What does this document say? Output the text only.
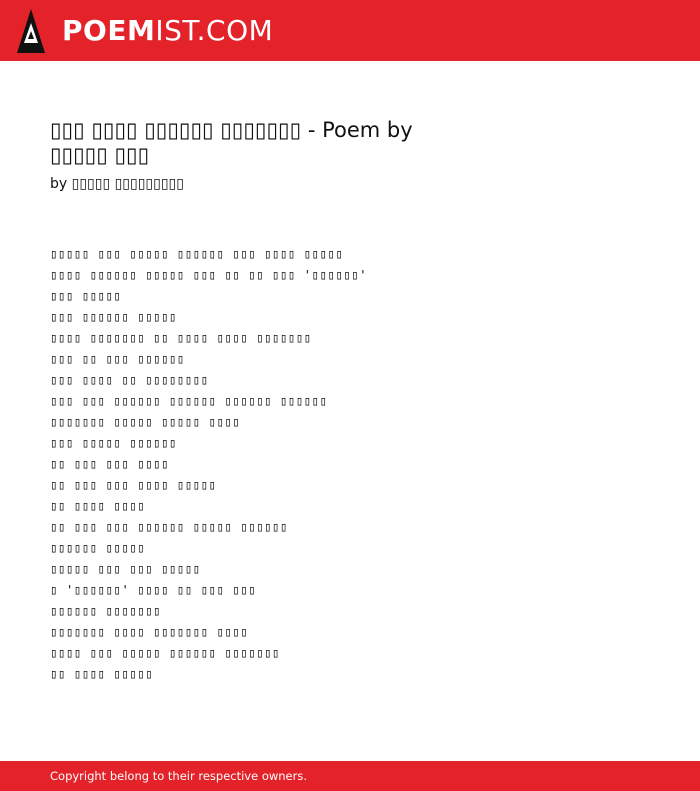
POEMIST.COM
▯▯▯ ▯▯▯▯ ▯▯▯▯▯▯ ▯▯▯▯▯▯▯ - Poem by ▯▯▯▯▯ ▯▯▯
by ▯▯▯▯▯ ▯▯▯▯▯▯▯▯▯
▯▯▯▯▯ ▯▯▯ ▯▯▯▯▯ ▯▯▯▯▯▯ ▯▯▯ ▯▯▯▯ ▯▯▯▯▯
▯▯▯▯ ▯▯▯▯▯▯ ▯▯▯▯▯ ▯▯▯ ▯▯ ▯▯ ▯▯▯ '▯▯▯▯▯▯'
▯▯▯ ▯▯▯▯▯
▯▯▯ ▯▯▯▯▯▯ ▯▯▯▯▯
▯▯▯▯ ▯▯▯▯▯▯▯ ▯▯ ▯▯▯▯ ▯▯▯▯ ▯▯▯▯▯▯▯
▯▯▯ ▯▯ ▯▯▯ ▯▯▯▯▯▯
▯▯▯ ▯▯▯▯ ▯▯ ▯▯▯▯▯▯▯▯
▯▯▯ ▯▯▯ ▯▯▯▯▯▯ ▯▯▯▯▯▯ ▯▯▯▯▯▯ ▯▯▯▯▯▯
▯▯▯▯▯▯▯ ▯▯▯▯▯ ▯▯▯▯▯ ▯▯▯▯
▯▯▯ ▯▯▯▯▯ ▯▯▯▯▯▯
▯▯ ▯▯▯ ▯▯▯ ▯▯▯▯
▯▯ ▯▯▯ ▯▯▯ ▯▯▯▯ ▯▯▯▯▯
▯▯ ▯▯▯▯ ▯▯▯▯
▯▯ ▯▯▯ ▯▯▯ ▯▯▯▯▯▯ ▯▯▯▯▯ ▯▯▯▯▯▯
▯▯▯▯▯▯ ▯▯▯▯▯
▯▯▯▯▯ ▯▯▯ ▯▯▯ ▯▯▯▯▯
▯ '▯▯▯▯▯▯' ▯▯▯▯ ▯▯ ▯▯▯ ▯▯▯
▯▯▯▯▯▯ ▯▯▯▯▯▯▯
▯▯▯▯▯▯▯ ▯▯▯▯ ▯▯▯▯▯▯▯ ▯▯▯▯
▯▯▯▯ ▯▯▯ ▯▯▯▯▯ ▯▯▯▯▯▯ ▯▯▯▯▯▯▯
▯▯ ▯▯▯▯ ▯▯▯▯▯
Copyright belong to their respective owners.
